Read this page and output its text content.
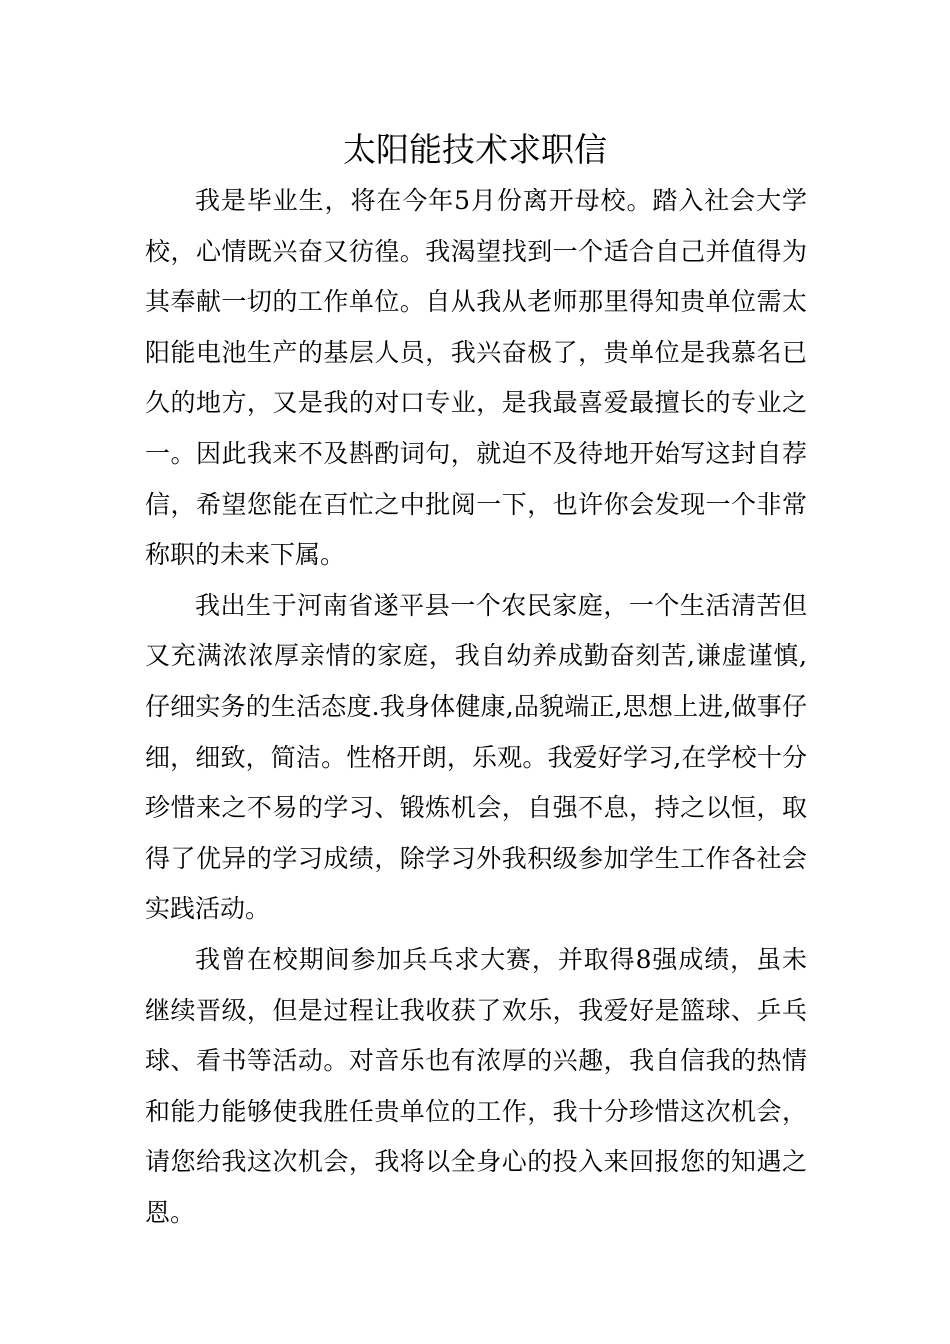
太阳能技术求职信

我是毕业生，将在今年5月份离开母校。踏入社会大学校，心情既兴奋又彷徨。我渴望找到一个适合自己并值得为其奉献一切的工作单位。自从我从老师那里得知贵单位需太阳能电池生产的基层人员，我兴奋极了，贵单位是我慕名已久的地方，又是我的对口专业，是我最喜爱最擅长的专业之一。因此我来不及斟酌词句，就迫不及待地开始写这封自荐信，希望您能在百忙之中批阅一下，也许你会发现一个非常称职的未来下属。

我出生于河南省遂平县一个农民家庭，一个生活清苦但又充满浓浓厚亲情的家庭，我自幼养成勤奋刻苦,谦虚谨慎,仔细实务的生活态度.我身体健康,品貌端正,思想上进,做事仔细，细致，简洁。性格开朗，乐观。我爱好学习,在学校十分珍惜来之不易的学习、锻炼机会，自强不息，持之以恒，取得了优异的学习成绩，除学习外我积级参加学生工作各社会实践活动。

我曾在校期间参加兵乓求大赛，并取得8强成绩，虽未继续晋级，但是过程让我收获了欢乐，我爱好是篮球、乒乓球、看书等活动。对音乐也有浓厚的兴趣，我自信我的热情和能力能够使我胜任贵单位的工作，我十分珍惜这次机会，请您给我这次机会，我将以全身心的投入来回报您的知遇之恩。
